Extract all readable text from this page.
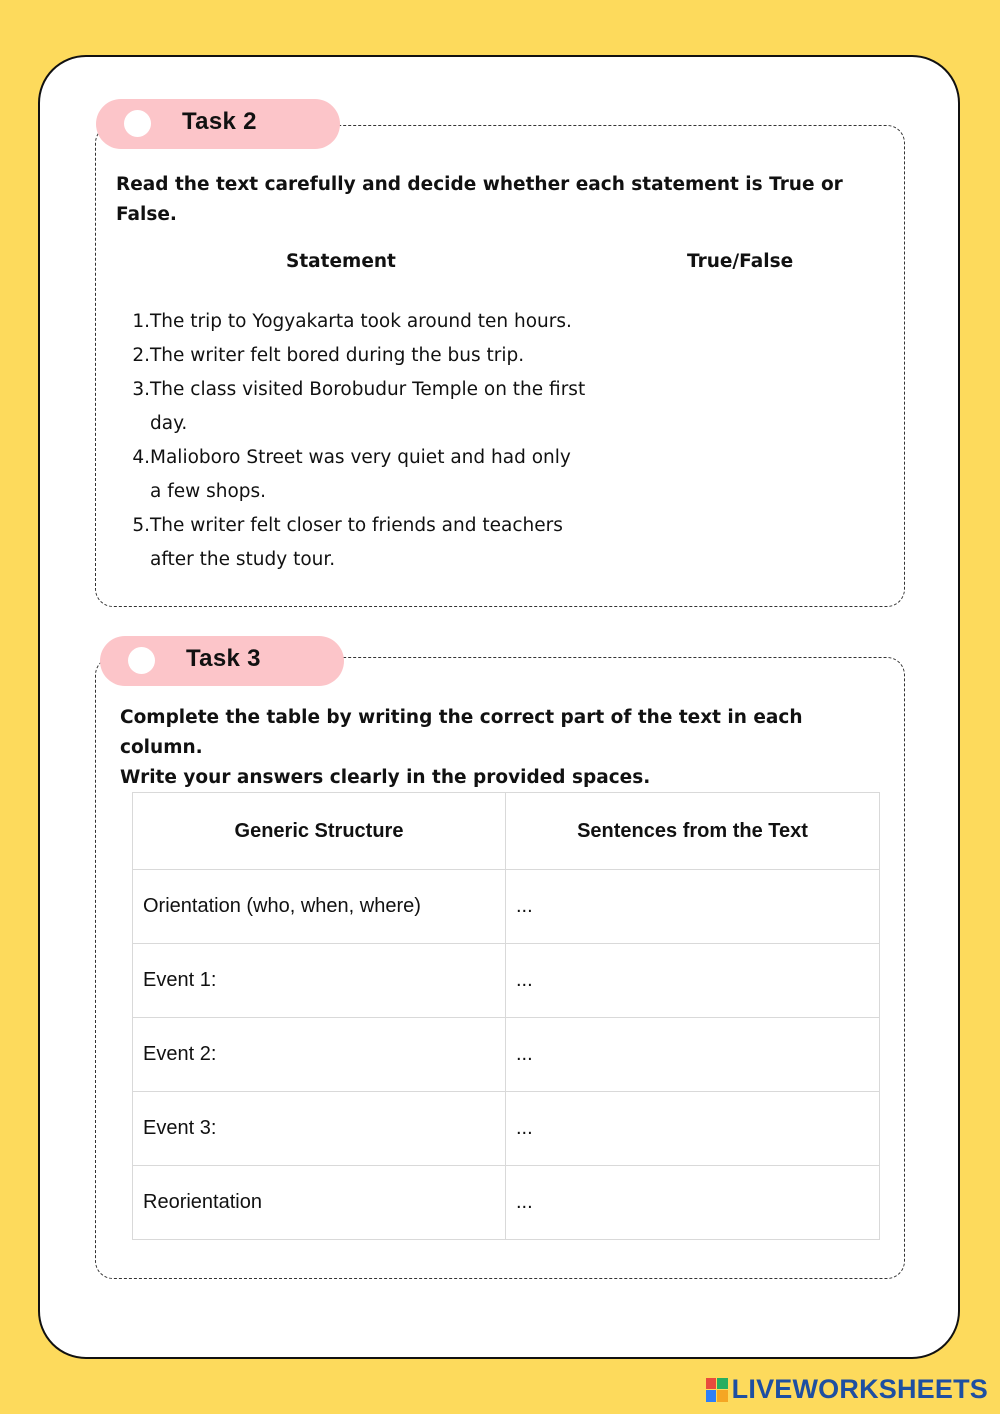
Task 2
Read the text carefully and decide whether each statement is True or
False.
Statement	True/False
1. The trip to Yogyakarta took around ten hours.
2. The writer felt bored during the bus trip.
3. The class visited Borobudur Temple on the first
day.
4. Malioboro Street was very quiet and had only
a few shops.
5. The writer felt closer to friends and teachers
after the study tour.
Task 3
Complete the table by writing the correct part of the text in each column.
Write your answers clearly in the provided spaces.
Generic Structure	Sentences from the Text
Orientation (who, when, where)	...
Event 1:	...
Event 2:	...
Event 3:	...
Reorientation	...
LIVEWORKSHEETS
